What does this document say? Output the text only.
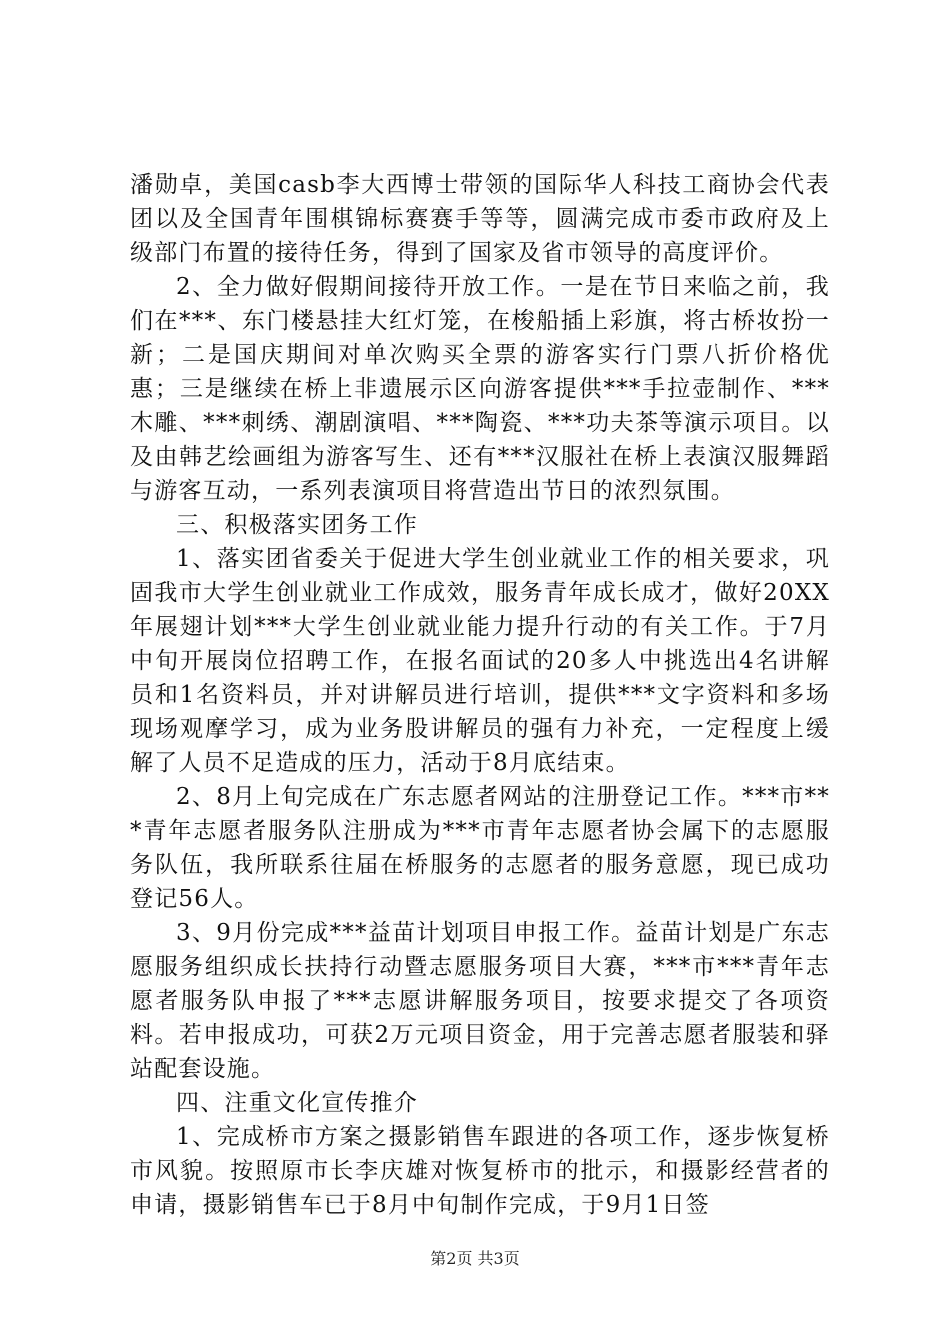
潘勋卓，美国casb李大西博士带领的国际华人科技工商协会代表团以及全国青年围棋锦标赛赛手等等，圆满完成市委市政府及上级部门布置的接待任务，得到了国家及省市领导的高度评价。

2、全力做好假期间接待开放工作。一是在节日来临之前，我们在***、东门楼悬挂大红灯笼，在梭船插上彩旗，将古桥妆扮一新；二是国庆期间对单次购买全票的游客实行门票八折价格优惠；三是继续在桥上非遗展示区向游客提供***手拉壶制作、***木雕、***刺绣、潮剧演唱、***陶瓷、***功夫茶等演示项目。以及由韩艺绘画组为游客写生、还有***汉服社在桥上表演汉服舞蹈与游客互动，一系列表演项目将营造出节日的浓烈氛围。

三、积极落实团务工作

1、落实团省委关于促进大学生创业就业工作的相关要求，巩固我市大学生创业就业工作成效，服务青年成长成才，做好20XX年展翅计划***大学生创业就业能力提升行动的有关工作。于7月中旬开展岗位招聘工作，在报名面试的20多人中挑选出4名讲解员和1名资料员，并对讲解员进行培训，提供***文字资料和多场现场观摩学习，成为业务股讲解员的强有力补充，一定程度上缓解了人员不足造成的压力，活动于8月底结束。

2、8月上旬完成在广东志愿者网站的注册登记工作。***市***青年志愿者服务队注册成为***市青年志愿者协会属下的志愿服务队伍，我所联系往届在桥服务的志愿者的服务意愿，现已成功登记56人。

3、9月份完成***益苗计划项目申报工作。益苗计划是广东志愿服务组织成长扶持行动暨志愿服务项目大赛，***市***青年志愿者服务队申报了***志愿讲解服务项目，按要求提交了各项资料。若申报成功，可获2万元项目资金，用于完善志愿者服装和驿站配套设施。

四、注重文化宣传推介

1、完成桥市方案之摄影销售车跟进的各项工作，逐步恢复桥市风貌。按照原市长李庆雄对恢复桥市的批示，和摄影经营者的申请，摄影销售车已于8月中旬制作完成，于9月1日签

第2页 共3页
